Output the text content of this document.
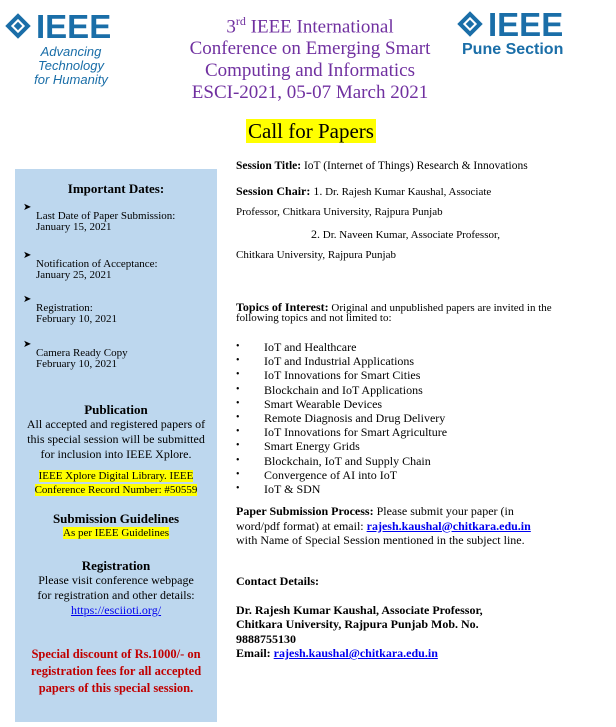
IEEE
Advancing Technology
for Humanity
IEEE
Pune Section
3rd IEEE International
Conference on Emerging Smart
Computing and Informatics
ESCI-2021, 05-07 March 2021
Call for Papers
Important Dates:
➤
Last Date of Paper Submission:
January 15, 2021
➤
Notification of Acceptance:
January 25, 2021
➤
Registration:
February 10, 2021
➤
Camera Ready Copy
February 10, 2021
Publication
All accepted and registered papers of this special session will be submitted for inclusion into IEEE Xplore.
IEEE Xplore Digital Library. IEEE
Conference Record Number: #50559
Submission Guidelines
As per IEEE Guidelines
Registration
Please visit conference webpage
for registration and other details:
https://esciioti.org/
Special discount of Rs.1000/- on
registration fees for all accepted
papers of this special session.
Session Title: IoT (Internet of Things) Research & Innovations
Session Chair: 1. Dr. Rajesh Kumar Kaushal, Associate
Professor, Chitkara University, Rajpura Punjab
2. Dr. Naveen Kumar, Associate Professor,
Chitkara University, Rajpura Punjab
Topics of Interest: Original and unpublished papers are invited in the
following topics and not limited to:
• IoT and Healthcare
• IoT and Industrial Applications
• IoT Innovations for Smart Cities
• Blockchain and IoT Applications
• Smart Wearable Devices
• Remote Diagnosis and Drug Delivery
• IoT Innovations for Smart Agriculture
• Smart Energy Grids
• Blockchain, IoT and Supply Chain
• Convergence of AI into IoT
• IoT & SDN
Paper Submission Process: Please submit your paper (in
word/pdf format) at email: rajesh.kaushal@chitkara.edu.in
with Name of Special Session mentioned in the subject line.
Contact Details:
Dr. Rajesh Kumar Kaushal, Associate Professor,
Chitkara University, Rajpura Punjab Mob. No.
9888755130
Email: rajesh.kaushal@chitkara.edu.in
